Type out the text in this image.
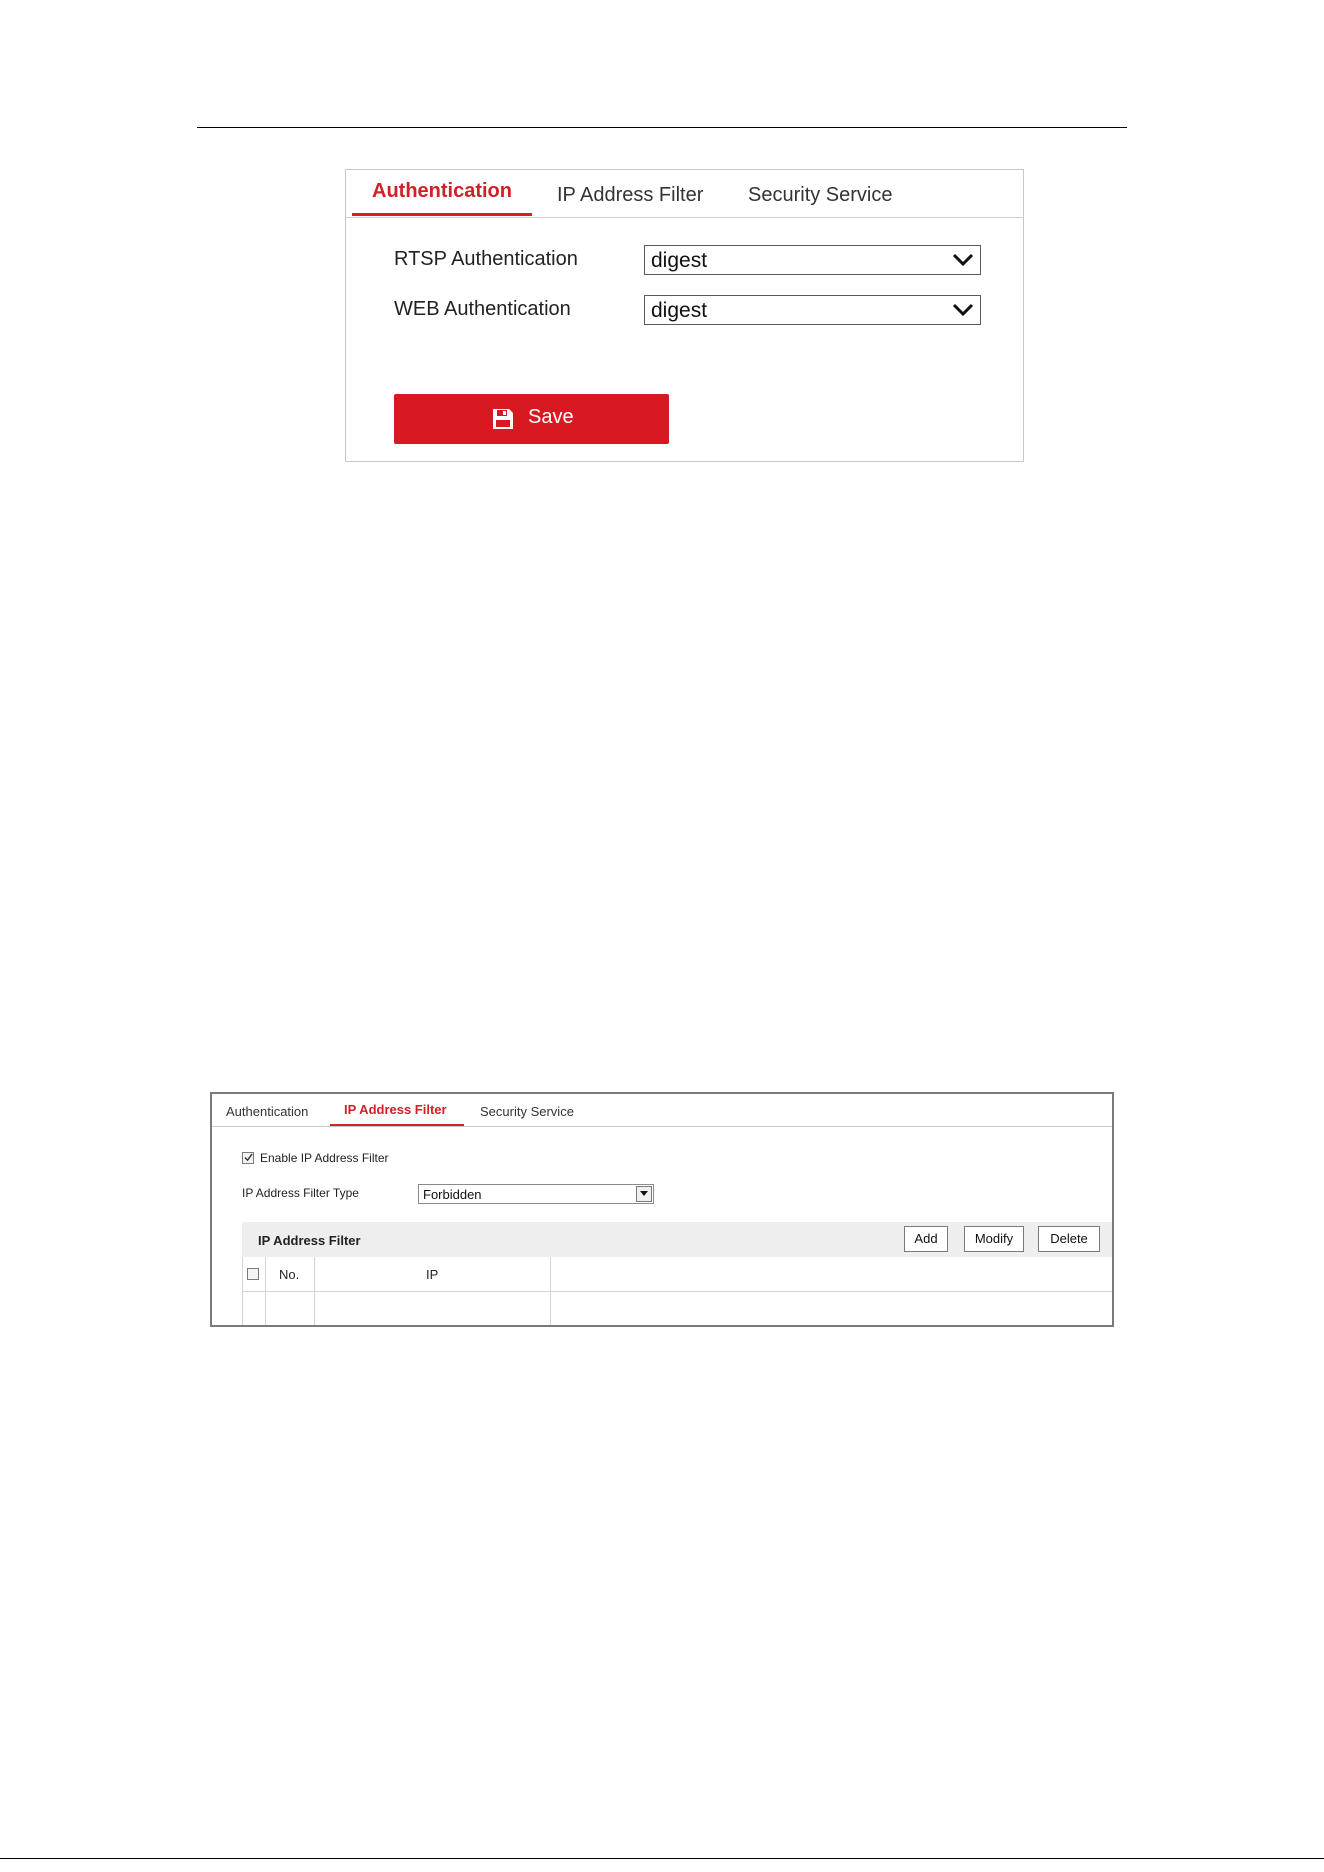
Authentication IP Address Filter Security Service
RTSP Authentication	digest
WEB Authentication	digest
Save
Authentication	IP Address Filter	Security Service
Enable IP Address Filter
IP Address Filter Type	Forbidden
IP Address Filter	Add	Modify	Delete
No.	IP
